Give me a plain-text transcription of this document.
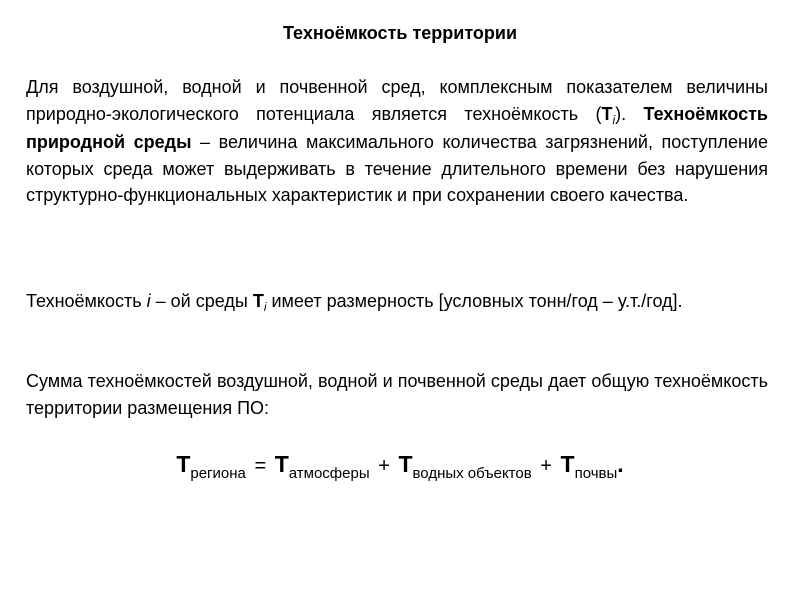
Техноёмкость территории
Для воздушной, водной и почвенной сред, комплексным показателем величины природно-экологического потенциала является техноёмкость $(Т_i)$. Техноёмкость природной среды – величина максимального количества загрязнений, поступление которых среда может выдерживать в течение длительного времени без нарушения структурно-функциональных характеристик и при сохранении своего качества.
Техноёмкость i – ой среды $Т_i$ имеет размерность [условных тонн/год – у.т./год].
Сумма техноёмкостей воздушной, водной и почвенной среды дает общую техноёмкость территории размещения ПО:
$Т_{региона} = Т_{атмосферы} + Т_{водных объектов} + Т_{почвы}$.
